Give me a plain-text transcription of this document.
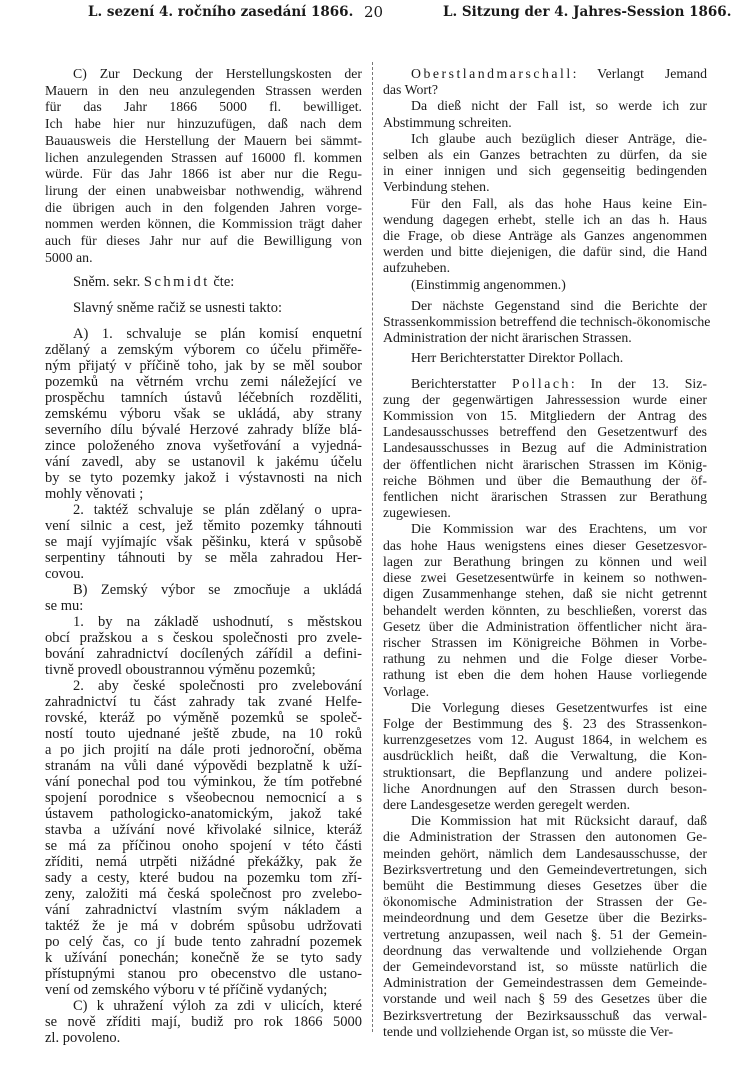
L. sezení 4. ročního zasedání 1866. 20	L. Sitzung der 4. Jahres-Session 1866.
C) Zur Deckung der Herstellungskosten der
Mauern in den neu anzulegenden Strassen werden
für das Jahr 1866 5000 fl. bewilliget.
Ich habe hier nur hinzuzufügen, daß nach dem
Bauausweis die Herstellung der Mauern bei sämmt-
lichen anzulegenden Strassen auf 16000 fl. kommen
würde. Für das Jahr 1866 ist aber nur die Regu-
lirung der einen unabweisbar nothwendig, während
die übrigen auch in den folgenden Jahren vorge-
nommen werden können, die Kommission trägt daher
auch für dieses Jahr nur auf die Bewilligung von
5000 an.
Sněm. sekr. Schmidt čte:
Slavný sněme račiž se usnesti takto:
A) 1. schvaluje se plán komisí enquetní
zdělaný a zemským výborem co účelu přiměře-
ným přijatý v příčině toho, jak by se měl soubor
pozemků na větrném vrchu zemi náležející ve
prospěchu tamních ústavů léčebních rozděliti,
zemskému výboru však se ukládá, aby strany
severního dílu bývalé Herzové zahrady blíže blá-
zince položeného znova vyšetřování a vyjedná-
vání zavedl, aby se ustanovil k jakému účelu
by se tyto pozemky jakož i výstavnosti na nich
mohly věnovati ;
2. taktéž schvaluje se plán zdělaný o upra-
vení silnic a cest, jež těmito pozemky táhnouti
se mají vyjímajíc však pěšinku, která v spůsobě
serpentiny táhnouti by se měla zahradou Her-
covou.
B) Zemský výbor se zmocňuje a ukládá
se mu:
1. by na základě ushodnutí, s městskou
obcí pražskou a s českou společnosti pro zvele-
bování zahradnictví docílených zářídil a defini-
tivně provedl oboustrannou výměnu pozemků;
2. aby české společnosti pro zvelebování
zahradnictví tu část zahrady tak zvané Helfe-
rovské, kteráž po výměně pozemků se společ-
ností touto ujednané ještě zbude, na 10 roků
a po jich projití na dále proti jednoroční, oběma
stranám na vůli dané výpovědi bezplatně k uží-
vání ponechal pod tou výminkou, že tím potřebné
spojení porodnice s všeobecnou nemocnicí a s
ústavem pathologicko-anatomickým, jakož také
stavba a užívání nové křivolaké silnice, kteráž
se má za příčinou onoho spojení v této části
zříditi, nemá utrpěti nižádné překážky, pak že
sady a cesty, které budou na pozemku tom zří-
zeny, založiti má česká společnost pro zvelebo-
vání zahradnictví vlastním svým nákladem a
taktéž že je má v dobrém spůsobu udržovati
po celý čas, co jí bude tento zahradní pozemek
k užívání ponechán; konečně že se tyto sady
přístupnými stanou pro obecenstvo dle ustano-
vení od zemského výboru v té příčině vydaných;
C) k uhražení výloh za zdi v ulicích, které
se nově zříditi mají, budiž pro rok 1866 5000
zl. povoleno.
Oberstlandmarschall: Verlangt Jemand
das Wort?
Da dieß nicht der Fall ist, so werde ich zur
Abstimmung schreiten.
Ich glaube auch bezüglich dieser Anträge, die-
selben als ein Ganzes betrachten zu dürfen, da sie
in einer innigen und sich gegenseitig bedingenden
Verbindung stehen.
Für den Fall, als das hohe Haus keine Ein-
wendung dagegen erhebt, stelle ich an das h. Haus
die Frage, ob diese Anträge als Ganzes angenommen
werden und bitte diejenigen, die dafür sind, die Hand
aufzuheben.
(Einstimmig angenommen.)
Der nächste Gegenstand sind die Berichte der
Strassenkommission betreffend die technisch-ökonomische
Administration der nicht ärarischen Strassen.
Herr Berichterstatter Direktor Pollach.
Berichterstatter Pollach: In der 13. Siz-
zung der gegenwärtigen Jahressession wurde einer
Kommission von 15. Mitgliedern der Antrag des
Landesausschusses betreffend den Gesetzentwurf des
Landesausschusses in Bezug auf die Administration
der öffentlichen nicht ärarischen Strassen im König-
reiche Böhmen und über die Bemauthung der öf-
fentlichen nicht ärarischen Strassen zur Berathung
zugewiesen.
Die Kommission war des Erachtens, um vor
das hohe Haus wenigstens eines dieser Gesetzesvor-
lagen zur Berathung bringen zu können und weil
diese zwei Gesetzesentwürfe in keinem so nothwen-
digen Zusammenhange stehen, daß sie nicht getrennt
behandelt werden könnten, zu beschließen, vorerst das
Gesetz über die Administration öffentlicher nicht ära-
rischer Strassen im Königreiche Böhmen in Vorbe-
rathung zu nehmen und die Folge dieser Vorbe-
rathung ist eben die dem hohen Hause vorliegende
Vorlage.
Die Vorlegung dieses Gesetzentwurfes ist eine
Folge der Bestimmung des §. 23 des Strassenkon-
kurrenzgesetzes vom 12. August 1864, in welchem es
ausdrücklich heißt, daß die Verwaltung, die Kon-
struktionsart, die Bepflanzung und andere polizei-
liche Anordnungen auf den Strassen durch beson-
dere Landesgesetze werden geregelt werden.
Die Kommission hat mit Rücksicht darauf, daß
die Administration der Strassen den autonomen Ge-
meinden gehört, nämlich dem Landesausschusse, der
Bezirksvertretung und den Gemeindevertretungen, sich
bemüht die Bestimmung dieses Gesetzes über die
ökonomische Administration der Strassen der Ge-
meindeordnung und dem Gesetze über die Bezirks-
vertretung anzupassen, weil nach §. 51 der Gemein-
deordnung das verwaltende und vollziehende Organ
der Gemeindevorstand ist, so müsste natürlich die
Administration der Gemeindestrassen dem Gemeinde-
vorstande und weil nach § 59 des Gesetzes über die
Bezirksvertretung der Bezirksausschuß das verwal-
tende und vollziehende Organ ist, so müsste die Ver-
